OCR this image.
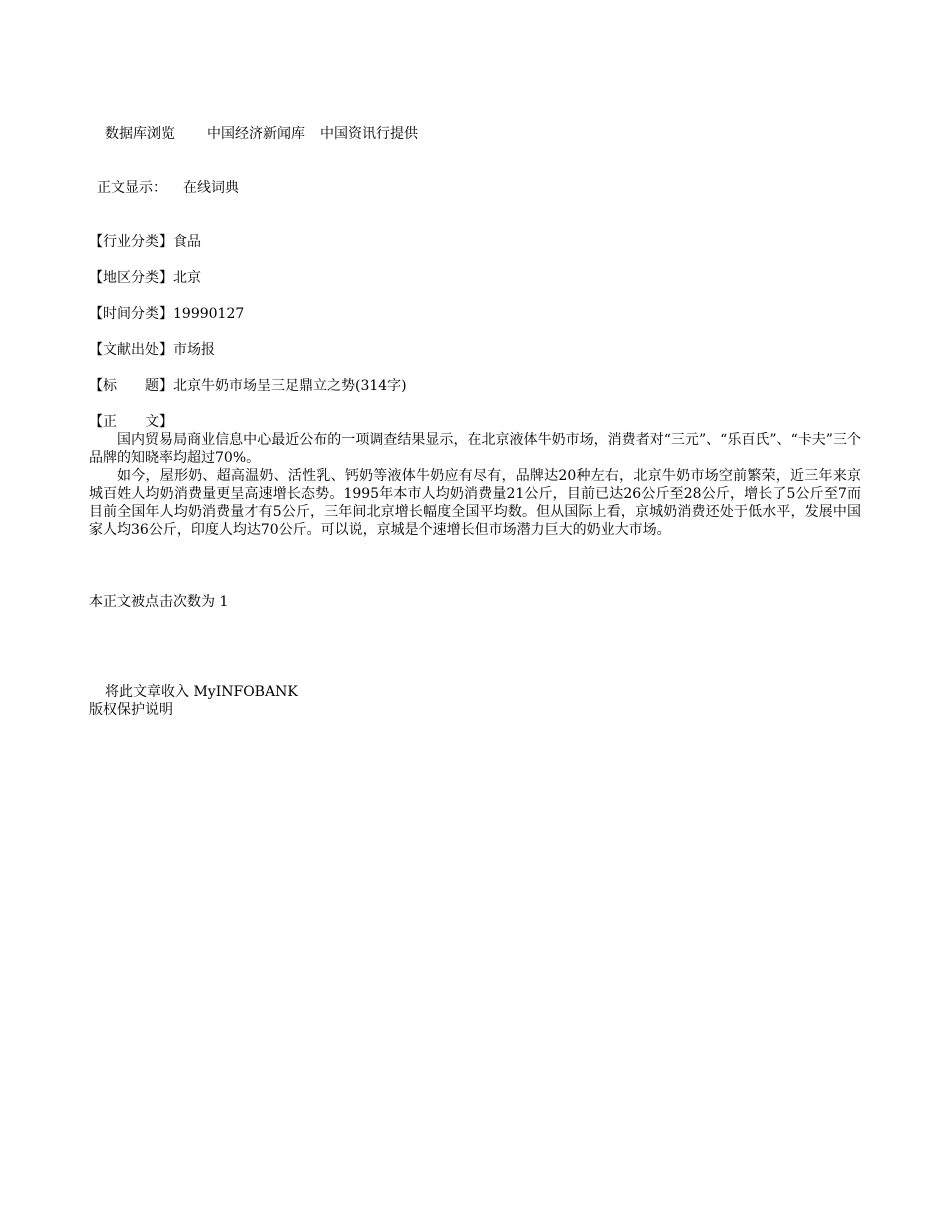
数据库浏览 中国经济新闻库 中国资讯行提供
正文显示： 在线词典
【行业分类】食品
【地区分类】北京
【时间分类】19990127
【文献出处】市场报
【标　　题】北京牛奶市场呈三足鼎立之势(314字)
【正　　文】

国内贸易局商业信息中心最近公布的一项调查结果显示，在北京液体牛奶市场，消费者对“三元”、“乐百氏”、“卡夫”三个品牌的知晓率均超过70%。

如今，屋形奶、超高温奶、活性乳、钙奶等液体牛奶应有尽有，品牌达20种左右，北京牛奶市场空前繁荣，近三年来京城百姓人均奶消费量更呈高速增长态势。1995年本市人均奶消费量21公斤，目前已达26公斤至28公斤，增长了5公斤至7而目前全国年人均奶消费量才有5公斤，三年间北京增长幅度全国平均数。但从国际上看，京城奶消费还处于低水平，发展中国家人均36公斤，印度人均达70公斤。可以说，京城是个速增长但市场潜力巨大的奶业大市场。

本正文被点击次数为 1
将此文章收入 MyINFOBANK
版权保护说明
